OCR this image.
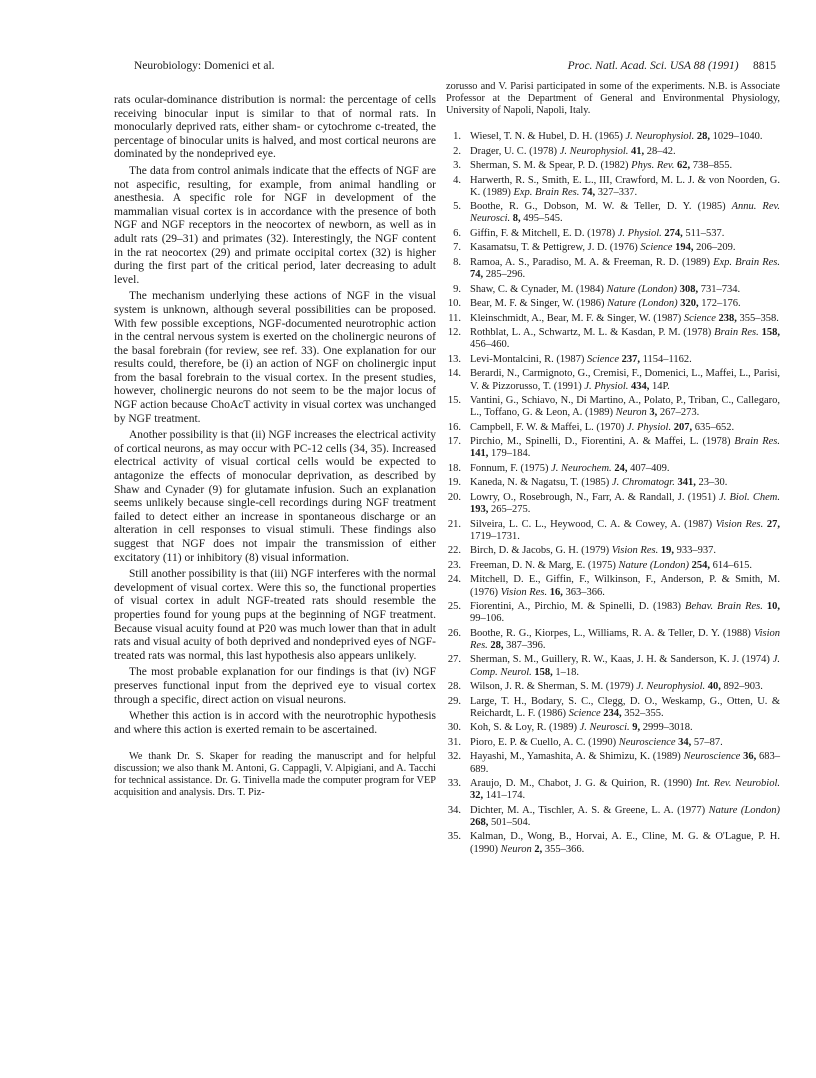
Neurobiology: Domenici et al.	Proc. Natl. Acad. Sci. USA 88 (1991) 8815

rats ocular-dominance distribution is normal: the percentage of cells receiving binocular input is similar to that of normal rats. In monocularly deprived rats, either sham- or cytochrome c-treated, the percentage of binocular units is halved, and most cortical neurons are dominated by the nondeprived eye.

The data from control animals indicate that the effects of NGF are not aspecific, resulting, for example, from animal handling or anesthesia. A specific role for NGF in development of the mammalian visual cortex is in accordance with the presence of both NGF and NGF receptors in the neocortex of newborn, as well as in adult rats (29–31) and primates (32). Interestingly, the NGF content in the rat neocortex (29) and primate occipital cortex (32) is higher during the first part of the critical period, later decreasing to adult level.

The mechanism underlying these actions of NGF in the visual system is unknown, although several possibilities can be proposed. With few possible exceptions, NGF-documented neurotrophic action in the central nervous system is exerted on the cholinergic neurons of the basal forebrain (for review, see ref. 33). One explanation for our results could, therefore, be (i) an action of NGF on cholinergic input from the basal forebrain to the visual cortex. In the present studies, however, cholinergic neurons do not seem to be the major locus of NGF action because ChoAcT activity in visual cortex was unchanged by NGF treatment.

Another possibility is that (ii) NGF increases the electrical activity of cortical neurons, as may occur with PC-12 cells (34, 35). Increased electrical activity of visual cortical cells would be expected to antagonize the effects of monocular deprivation, as described by Shaw and Cynader (9) for glutamate infusion. Such an explanation seems unlikely because single-cell recordings during NGF treatment failed to detect either an increase in spontaneous discharge or an alteration in cell responses to visual stimuli. These findings also suggest that NGF does not impair the transmission of either excitatory (11) or inhibitory (8) visual information.

Still another possibility is that (iii) NGF interferes with the normal development of visual cortex. Were this so, the functional properties of visual cortex in adult NGF-treated rats should resemble the properties found for young pups at the beginning of NGF treatment. Because visual acuity found at P20 was much lower than that in adult rats and visual acuity of both deprived and nondeprived eyes of NGF-treated rats was normal, this last hypothesis also appears unlikely.

The most probable explanation for our findings is that (iv) NGF preserves functional input from the deprived eye to visual cortex through a specific, direct action on visual neurons.

Whether this action is in accord with the neurotrophic hypothesis and where this action is exerted remain to be ascertained.

We thank Dr. S. Skaper for reading the manuscript and for helpful discussion; we also thank M. Antoni, G. Cappagli, V. Alpigiani, and A. Tacchi for technical assistance. Dr. G. Tinivella made the computer program for VEP acquisition and analysis. Drs. T. Piz-

zorusso and V. Parisi participated in some of the experiments. N.B. is Associate Professor at the Department of General and Environmental Physiology, University of Napoli, Napoli, Italy.

1. Wiesel, T. N. & Hubel, D. H. (1965) J. Neurophysiol. 28, 1029–1040.
2. Drager, U. C. (1978) J. Neurophysiol. 41, 28–42.
3. Sherman, S. M. & Spear, P. D. (1982) Phys. Rev. 62, 738–855.
4. Harwerth, R. S., Smith, E. L., III, Crawford, M. L. J. & von Noorden, G. K. (1989) Exp. Brain Res. 74, 327–337.
5. Boothe, R. G., Dobson, M. W. & Teller, D. Y. (1985) Annu. Rev. Neurosci. 8, 495–545.
6. Giffin, F. & Mitchell, E. D. (1978) J. Physiol. 274, 511–537.
7. Kasamatsu, T. & Pettigrew, J. D. (1976) Science 194, 206–209.
8. Ramoa, A. S., Paradiso, M. A. & Freeman, R. D. (1989) Exp. Brain Res. 74, 285–296.
9. Shaw, C. & Cynader, M. (1984) Nature (London) 308, 731–734.
10. Bear, M. F. & Singer, W. (1986) Nature (London) 320, 172–176.
11. Kleinschmidt, A., Bear, M. F. & Singer, W. (1987) Science 238, 355–358.
12. Rothblat, L. A., Schwartz, M. L. & Kasdan, P. M. (1978) Brain Res. 158, 456–460.
13. Levi-Montalcini, R. (1987) Science 237, 1154–1162.
14. Berardi, N., Carmignoto, G., Cremisi, F., Domenici, L., Maffei, L., Parisi, V. & Pizzorusso, T. (1991) J. Physiol. 434, 14P.
15. Vantini, G., Schiavo, N., Di Martino, A., Polato, P., Triban, C., Callegaro, L., Toffano, G. & Leon, A. (1989) Neuron 3, 267–273.
16. Campbell, F. W. & Maffei, L. (1970) J. Physiol. 207, 635–652.
17. Pirchio, M., Spinelli, D., Fiorentini, A. & Maffei, L. (1978) Brain Res. 141, 179–184.
18. Fonnum, F. (1975) J. Neurochem. 24, 407–409.
19. Kaneda, N. & Nagatsu, T. (1985) J. Chromatogr. 341, 23–30.
20. Lowry, O., Rosebrough, N., Farr, A. & Randall, J. (1951) J. Biol. Chem. 193, 265–275.
21. Silveira, L. C. L., Heywood, C. A. & Cowey, A. (1987) Vision Res. 27, 1719–1731.
22. Birch, D. & Jacobs, G. H. (1979) Vision Res. 19, 933–937.
23. Freeman, D. N. & Marg, E. (1975) Nature (London) 254, 614–615.
24. Mitchell, D. E., Giffin, F., Wilkinson, F., Anderson, P. & Smith, M. (1976) Vision Res. 16, 363–366.
25. Fiorentini, A., Pirchio, M. & Spinelli, D. (1983) Behav. Brain Res. 10, 99–106.
26. Boothe, R. G., Kiorpes, L., Williams, R. A. & Teller, D. Y. (1988) Vision Res. 28, 387–396.
27. Sherman, S. M., Guillery, R. W., Kaas, J. H. & Sanderson, K. J. (1974) J. Comp. Neurol. 158, 1–18.
28. Wilson, J. R. & Sherman, S. M. (1979) J. Neurophysiol. 40, 892–903.
29. Large, T. H., Bodary, S. C., Clegg, D. O., Weskamp, G., Otten, U. & Reichardt, L. F. (1986) Science 234, 352–355.
30. Koh, S. & Loy, R. (1989) J. Neurosci. 9, 2999–3018.
31. Pioro, E. P. & Cuello, A. C. (1990) Neuroscience 34, 57–87.
32. Hayashi, M., Yamashita, A. & Shimizu, K. (1989) Neuroscience 36, 683–689.
33. Araujo, D. M., Chabot, J. G. & Quirion, R. (1990) Int. Rev. Neurobiol. 32, 141–174.
34. Dichter, M. A., Tischler, A. S. & Greene, L. A. (1977) Nature (London) 268, 501–504.
35. Kalman, D., Wong, B., Horvai, A. E., Cline, M. G. & O'Lague, P. H. (1990) Neuron 2, 355–366.
